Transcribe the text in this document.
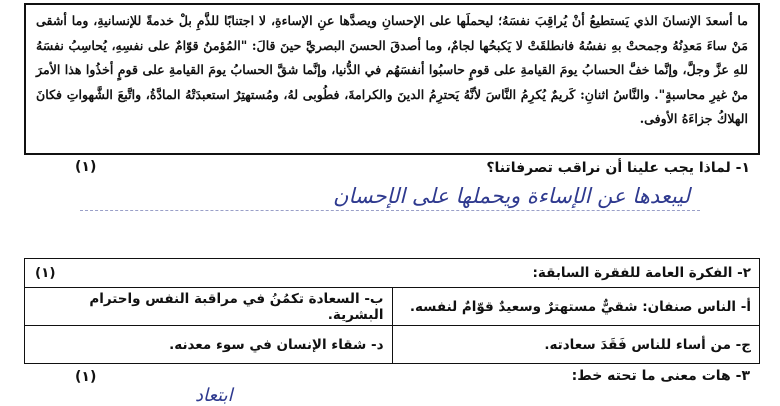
ما أسعدَ الإنسانَ الذي يَستطيعُ أنْ يُراقِبَ نفسَهُ؛ ليحملَها على الإحسانِ ويصدَّها عنِ الإساءةِ، لا اجتنابًا للذَّمِ بلْ خدمةً للإنسانيةِ، وما أشقى مَنْ ساءَ مَعدِنُهُ وجمحتْ بهِ نفسُهُ فانطلقَتْ لا يَكبحُها لجامٌ، وما أصدقَ الحسنَ البصريَّ حينَ قالَ: "المُؤمنُ قوّامٌ على نفسِهِ، يُحاسِبُ نفسَهُ للهِ عزَّ وجلَّ، وإنَّما خفَّ الحسابُ يومَ القيامةِ على قومٍ حاسبُوا أنفسَهُم في الدُّنيا، وإنَّما شقَّ الحسابُ يومَ القيامةِ على قومٍ أخذُوا هذا الأمرَ منْ غيرِ محاسبةٍ". والنَّاسُ اثنانِ: كَريمٌ يُكرِمُ النَّاسَ لأنَّهُ يَحترِمُ الدينَ والكرامةَ، فطُوبى لهُ، ومُستهتِرٌ استعبدَتْهُ المادَّةُ، واتَّبعَ الشَّهواتِ فكانَ الهلاكُ جزاءَهُ الأوفى.
١- لماذا يجب علينا أن نراقب تصرفاتنا؟
(١)
ليبعدها عن الإساءة ويحملها على الإحسان
٢- الفكرة العامة للفقرة السابقة:
(١)	

أ- الناس صنفان: شقيٌّ مستهترٌ وسعيدٌ قوّامٌ لنفسه.	ب- السعادة تكمُنُ في مراقبة النفس واحترام البشرية.
ج- من أساء للناس فَقَدَ سعادته.	د- شقاء الإنسان في سوء معدنه.
٣- هات معنى ما تحته خط:
(١)
ابتعاد
